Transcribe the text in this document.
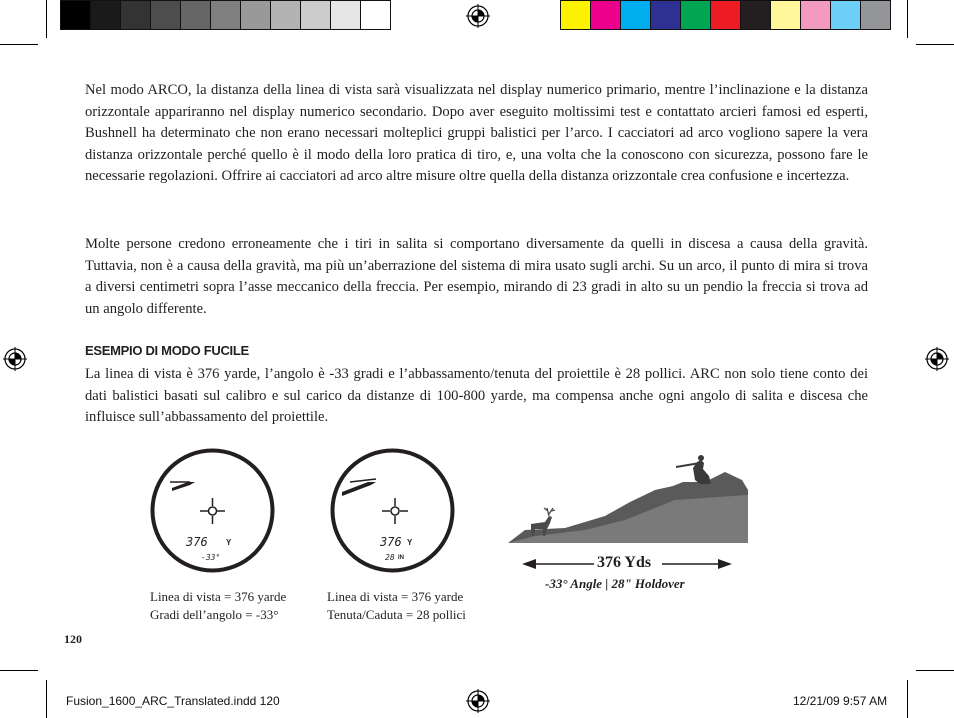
Nel modo ARCO, la distanza della linea di vista sarà visualizzata nel display numerico primario, mentre l’inclinazione e la distanza orizzontale appariranno nel display numerico secondario. Dopo aver eseguito moltissimi test e contattato arcieri famosi ed esperti, Bushnell ha determinato che non erano necessari molteplici gruppi balistici per l’arco. I cacciatori ad arco vogliono sapere la vera distanza orizzontale perché quello è il modo della loro pratica di tiro, e, una volta che la conoscono con sicurezza, possono fare le necessarie regolazioni. Offrire ai cacciatori ad arco altre misure oltre quella della distanza orizzontale crea confusione e incertezza.
Molte persone credono erroneamente che i tiri in salita si comportano diversamente da quelli in discesa a causa della gravità. Tuttavia, non è a causa della gravità, ma più un’aberrazione del sistema di mira usato sugli archi. Su un arco, il punto di mira si trova a diversi centimetri sopra l’asse meccanico della freccia. Per esempio, mirando di 23 gradi in alto su un pendio la freccia si trova ad un angolo differente.
ESEMPIO DI MODO FUCILE
La linea di vista è 376 yarde, l’angolo è -33 gradi e l’abbassamento/tenuta del proiettile è 28 pollici. ARC non solo tiene conto dei dati balistici basati sul calibro e sul carico da distanze di 100-800 yarde, ma compensa anche ogni angolo di salita e discesa che influisce sull’abbassamento del proiettile.
376 Y
-33°
Linea di vista = 376 yarde
Gradi dell’angolo = -33°
376 Y
28 IN
Linea di vista = 376 yarde
Tenuta/Caduta = 28 pollici
376 Yds
-33° Angle | 28" Holdover
120
Fusion_1600_ARC_Translated.indd 120	12/21/09 9:57 AM
